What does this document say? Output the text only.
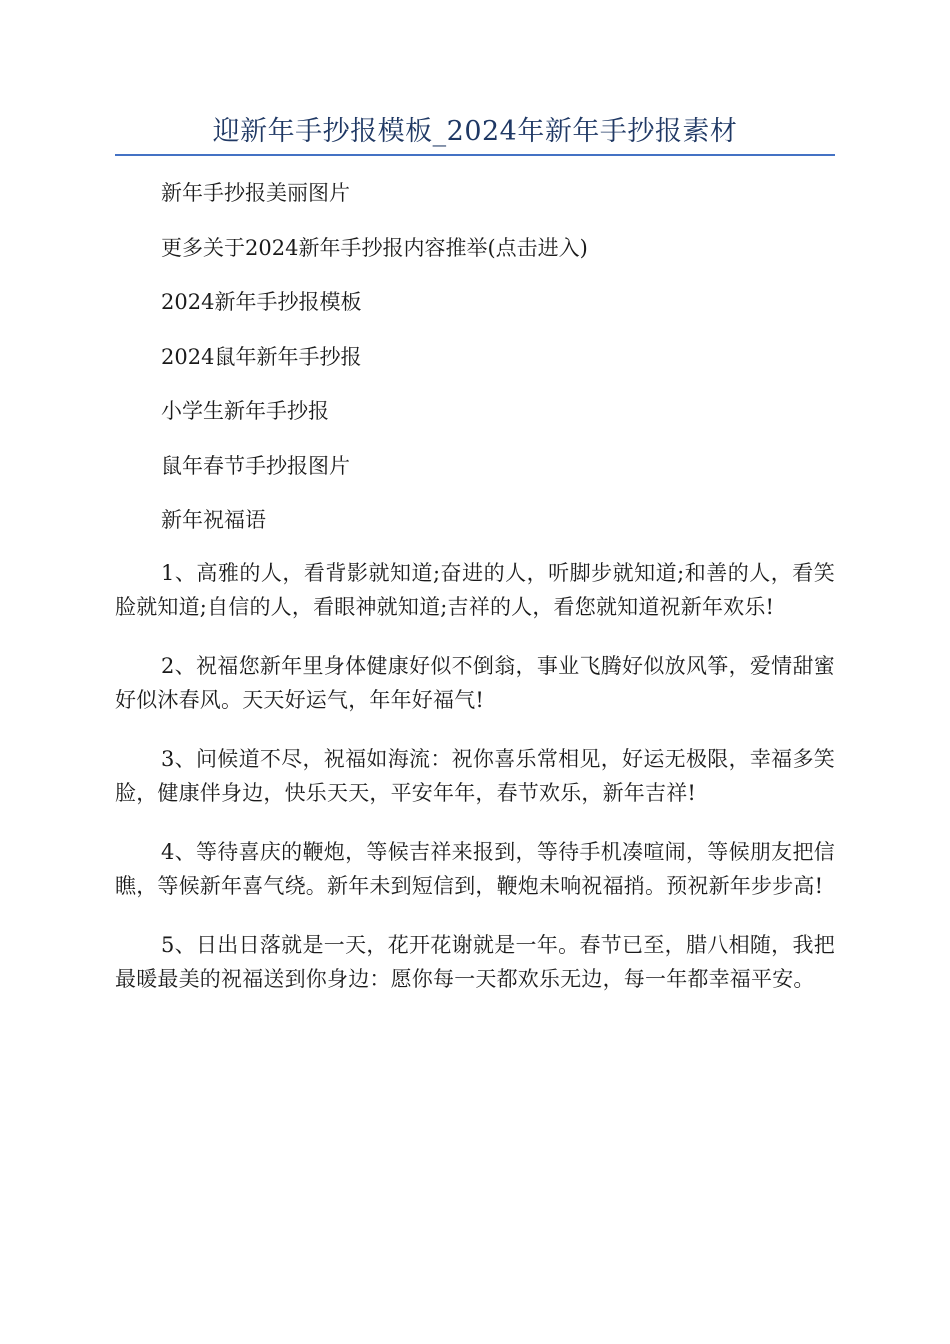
迎新年手抄报模板_2024年新年手抄报素材

新年手抄报美丽图片

更多关于2024新年手抄报内容推举(点击进入)

2024新年手抄报模板

2024鼠年新年手抄报

小学生新年手抄报

鼠年春节手抄报图片

新年祝福语

1、高雅的人，看背影就知道;奋进的人，听脚步就知道;和善的人，看笑脸就知道;自信的人，看眼神就知道;吉祥的人，看您就知道祝新年欢乐!

2、祝福您新年里身体健康好似不倒翁，事业飞腾好似放风筝，爱情甜蜜好似沐春风。天天好运气，年年好福气!

3、问候道不尽，祝福如海流：祝你喜乐常相见，好运无极限，幸福多笑脸，健康伴身边，快乐天天，平安年年，春节欢乐，新年吉祥!

4、等待喜庆的鞭炮，等候吉祥来报到，等待手机凑喧闹，等候朋友把信瞧，等候新年喜气绕。新年未到短信到，鞭炮未响祝福捎。预祝新年步步高!

5、日出日落就是一天，花开花谢就是一年。春节已至，腊八相随，我把最暖最美的祝福送到你身边：愿你每一天都欢乐无边，每一年都幸福平安。
